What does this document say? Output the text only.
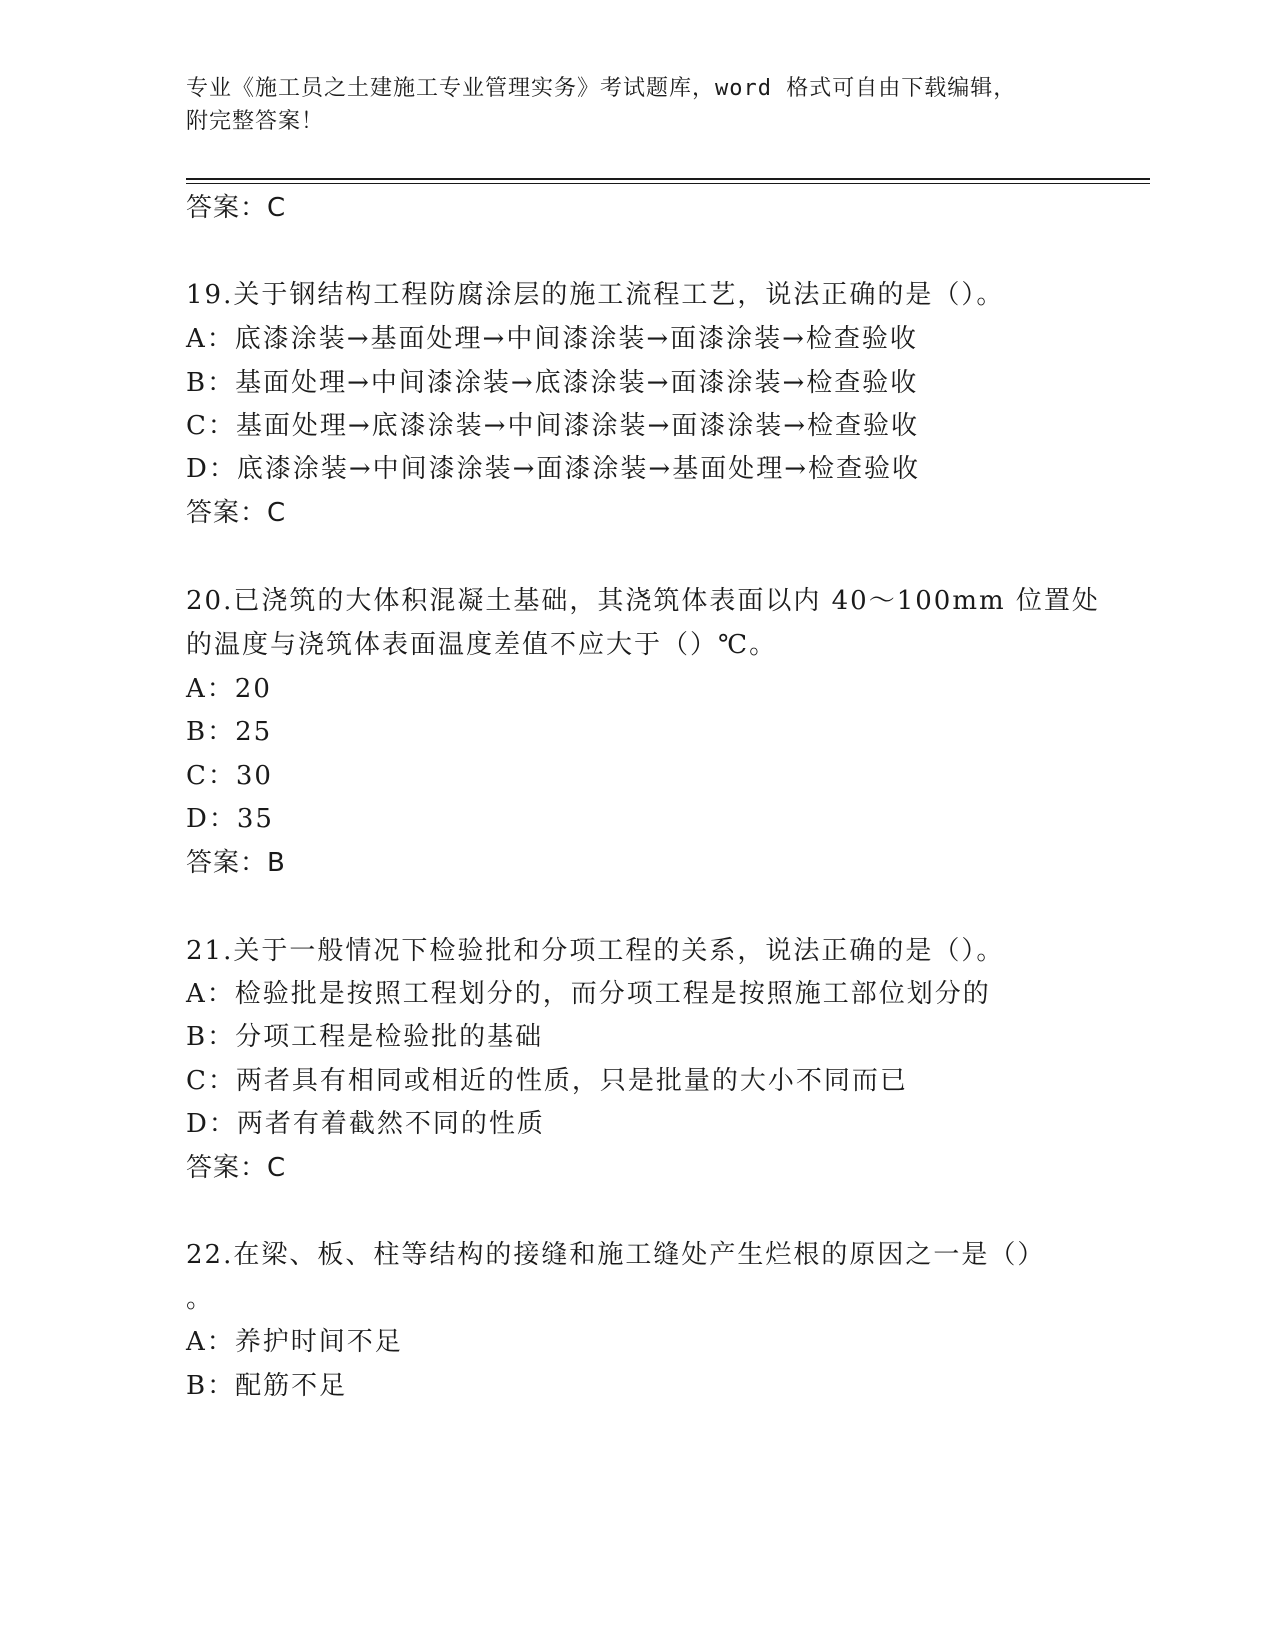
专业《施工员之土建施工专业管理实务》考试题库，word 格式可自由下载编辑，
附完整答案！
答案：C
19.关于钢结构工程防腐涂层的施工流程工艺，说法正确的是（）。
A：底漆涂装→基面处理→中间漆涂装→面漆涂装→检查验收
B：基面处理→中间漆涂装→底漆涂装→面漆涂装→检查验收
C：基面处理→底漆涂装→中间漆涂装→面漆涂装→检查验收
D：底漆涂装→中间漆涂装→面漆涂装→基面处理→检查验收
答案：C
20.已浇筑的大体积混凝土基础，其浇筑体表面以内 40～100mm 位置处
的温度与浇筑体表面温度差值不应大于（）℃。
A：20
B：25
C：30
D：35
答案：B
21.关于一般情况下检验批和分项工程的关系，说法正确的是（）。
A：检验批是按照工程划分的，而分项工程是按照施工部位划分的
B：分项工程是检验批的基础
C：两者具有相同或相近的性质，只是批量的大小不同而已
D：两者有着截然不同的性质
答案：C
22.在梁、板、柱等结构的接缝和施工缝处产生烂根的原因之一是（）
。
A：养护时间不足
B：配筋不足
